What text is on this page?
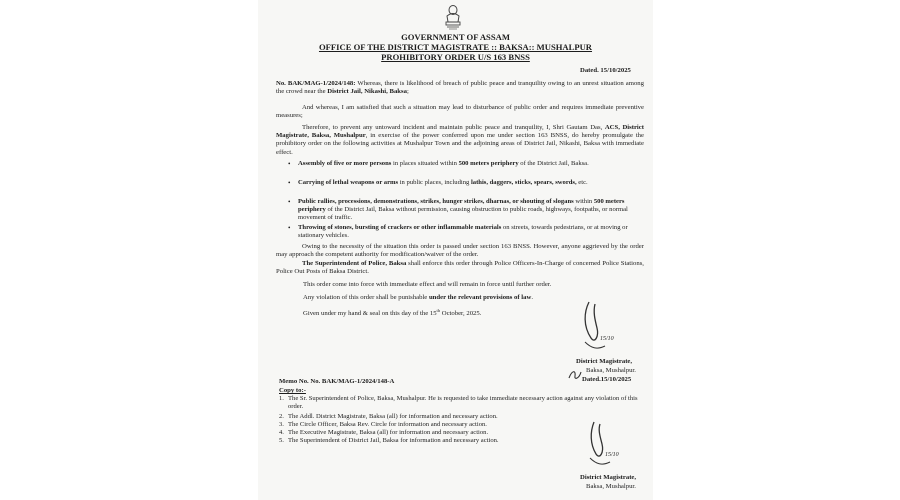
GOVERNMENT OF ASSAM
OFFICE OF THE DISTRICT MAGISTRATE :: BAKSA:: MUSHALPUR
PROHIBITORY ORDER U/S 163 BNSS
Dated. 15/10/2025

No. BAK/MAG-1/2024/148: Whereas, there is likelihood of breach of public peace and tranquility owing to an unrest situation among the crowd near the District Jail, Nikashi, Baksa;

And whereas, I am satisfied that such a situation may lead to disturbance of public order and requires immediate preventive measures;

Therefore, to prevent any untoward incident and maintain public peace and tranquility, I, Shri Gautam Das, ACS, District Magistrate, Baksa, Mushalpur, in exercise of the power conferred upon me under section 163 BNSS, do hereby promulgate the prohibitory order on the following activities at Mushalpur Town and the adjoining areas of District Jail, Nikashi, Baksa with immediate effect.

• Assembly of five or more persons in places situated within 500 meters periphery of the District Jail, Baksa.
• Carrying of lethal weapons or arms in public places, including lathis, daggers, sticks, spears, swords, etc.
• Public rallies, processions, demonstrations, strikes, hunger strikes, dharnas, or shouting of slogans within 500 meters periphery of the District Jail, Baksa without permission, causing obstruction to public roads, highways, footpaths, or normal movement of traffic.
• Throwing of stones, bursting of crackers or other inflammable materials on streets, towards pedestrians, or at moving or stationary vehicles.

Owing to the necessity of the situation this order is passed under section 163 BNSS. However, anyone aggrieved by the order may approach the competent authority for modification/waiver of the order.

The Superintendent of Police, Baksa shall enforce this order through Police Officers-In-Charge of concerned Police Stations, Police Out Posts of Baksa District.

This order come into force with immediate effect and will remain in force until further order.
Any violation of this order shall be punishable under the relevant provisions of law.
Given under my hand & seal on this day of the 15th October, 2025.
15/10
District Magistrate,
Baksa, Mushalpur.
Dated.15/10/2025
Memo No. No. BAK/MAG-1/2024/148-A
Copy to:-
1. The Sr. Superintendent of Police, Baksa, Mushalpur. He is requested to take immediate necessary action against any violation of this order.
2. The Addl. District Magistrate, Baksa (all) for information and necessary action.
3. The Circle Officer, Baksa Rev. Circle for information and necessary action.
4. The Executive Magistrate, Baksa (all) for information and necessary action.
5. The Superintendent of District Jail, Baksa for information and necessary action.
15/10
District Magistrate,
Baksa, Mushalpur.
